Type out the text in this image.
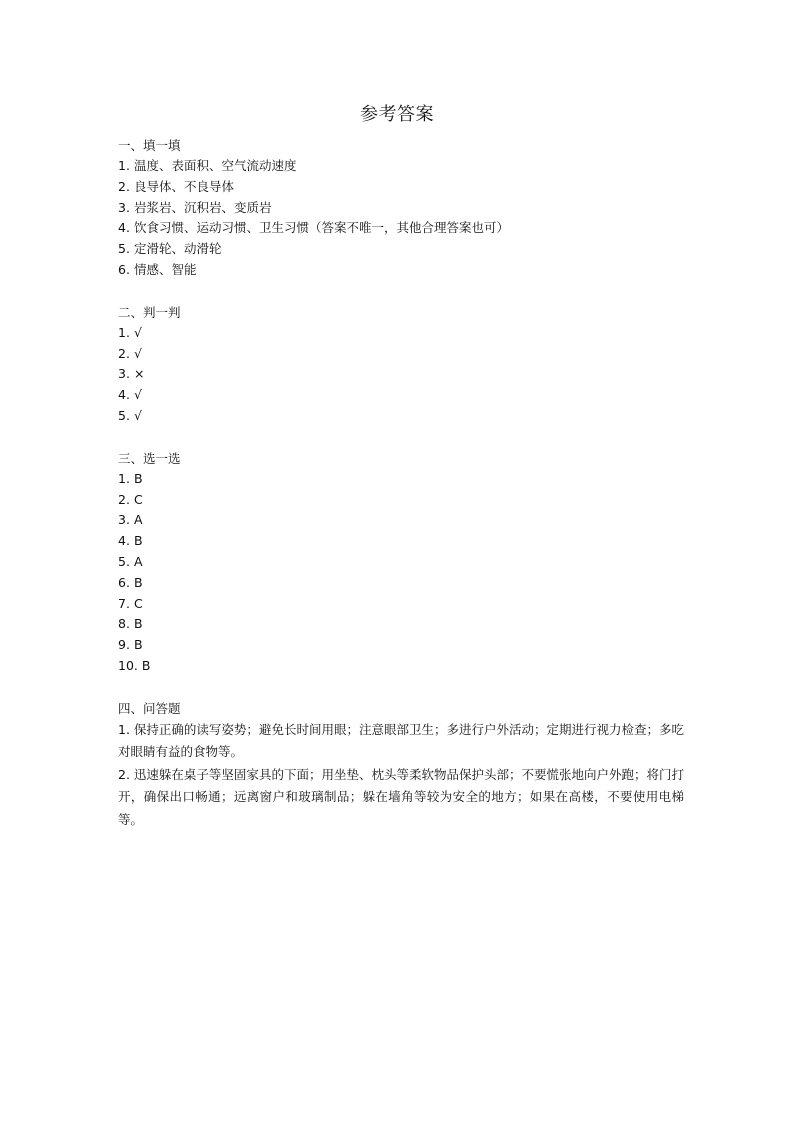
参考答案
一、填一填
1. 温度、表面积、空气流动速度
2. 良导体、不良导体
3. 岩浆岩、沉积岩、变质岩
4. 饮食习惯、运动习惯、卫生习惯（答案不唯一，其他合理答案也可）
5. 定滑轮、动滑轮
6. 情感、智能
二、判一判
1. √
2. √
3. ×
4. √
5. √
三、选一选
1. B
2. C
3. A
4. B
5. A
6. B
7. C
8. B
9. B
10. B
四、问答题
1. 保持正确的读写姿势；避免长时间用眼；注意眼部卫生；多进行户外活动；定期进行视力检查；多吃对眼睛有益的食物等。
2. 迅速躲在桌子等坚固家具的下面；用坐垫、枕头等柔软物品保护头部；不要慌张地向户外跑；将门打开，确保出口畅通；远离窗户和玻璃制品；躲在墙角等较为安全的地方；如果在高楼，不要使用电梯等。
